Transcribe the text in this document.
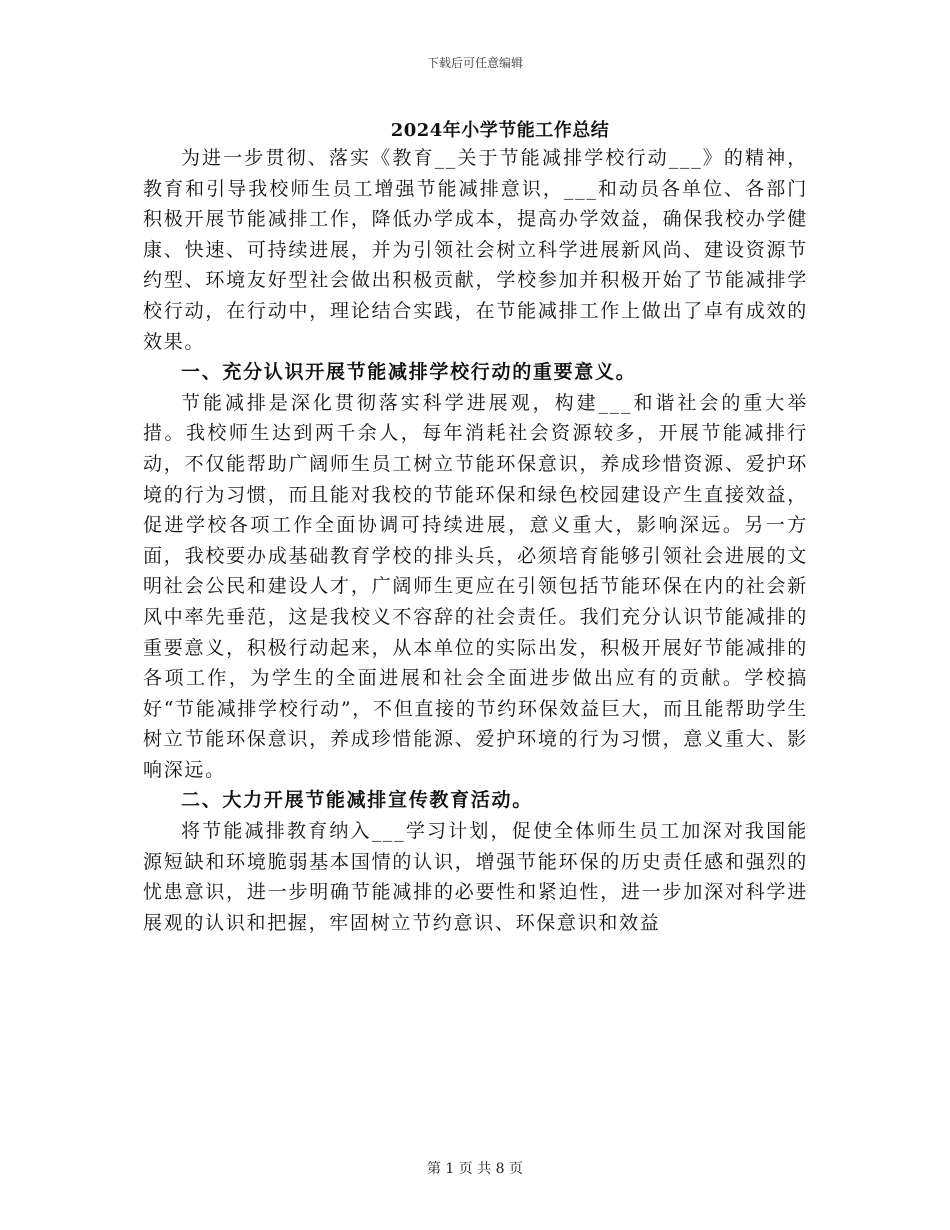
下载后可任意编辑
2024年小学节能工作总结

为进一步贯彻、落实《教育__关于节能减排学校行动___》的精神，教育和引导我校师生员工增强节能减排意识，___和动员各单位、各部门积极开展节能减排工作，降低办学成本，提高办学效益，确保我校办学健康、快速、可持续进展，并为引领社会树立科学进展新风尚、建设资源节约型、环境友好型社会做出积极贡献，学校参加并积极开始了节能减排学校行动，在行动中，理论结合实践，在节能减排工作上做出了卓有成效的效果。

一、充分认识开展节能减排学校行动的重要意义。

节能减排是深化贯彻落实科学进展观，构建___和谐社会的重大举措。我校师生达到两千余人，每年消耗社会资源较多，开展节能减排行动，不仅能帮助广阔师生员工树立节能环保意识，养成珍惜资源、爱护环境的行为习惯，而且能对我校的节能环保和绿色校园建设产生直接效益，促进学校各项工作全面协调可持续进展，意义重大，影响深远。另一方面，我校要办成基础教育学校的排头兵，必须培育能够引领社会进展的文明社会公民和建设人才，广阔师生更应在引领包括节能环保在内的社会新风中率先垂范，这是我校义不容辞的社会责任。我们充分认识节能减排的重要意义，积极行动起来，从本单位的实际出发，积极开展好节能减排的各项工作，为学生的全面进展和社会全面进步做出应有的贡献。学校搞好“节能减排学校行动”，不但直接的节约环保效益巨大，而且能帮助学生树立节能环保意识，养成珍惜能源、爱护环境的行为习惯，意义重大、影响深远。

二、大力开展节能减排宣传教育活动。

将节能减排教育纳入___学习计划，促使全体师生员工加深对我国能源短缺和环境脆弱基本国情的认识，增强节能环保的历史责任感和强烈的忧患意识，进一步明确节能减排的必要性和紧迫性，进一步加深对科学进展观的认识和把握，牢固树立节约意识、环保意识和效益

第 1 页 共 8 页
